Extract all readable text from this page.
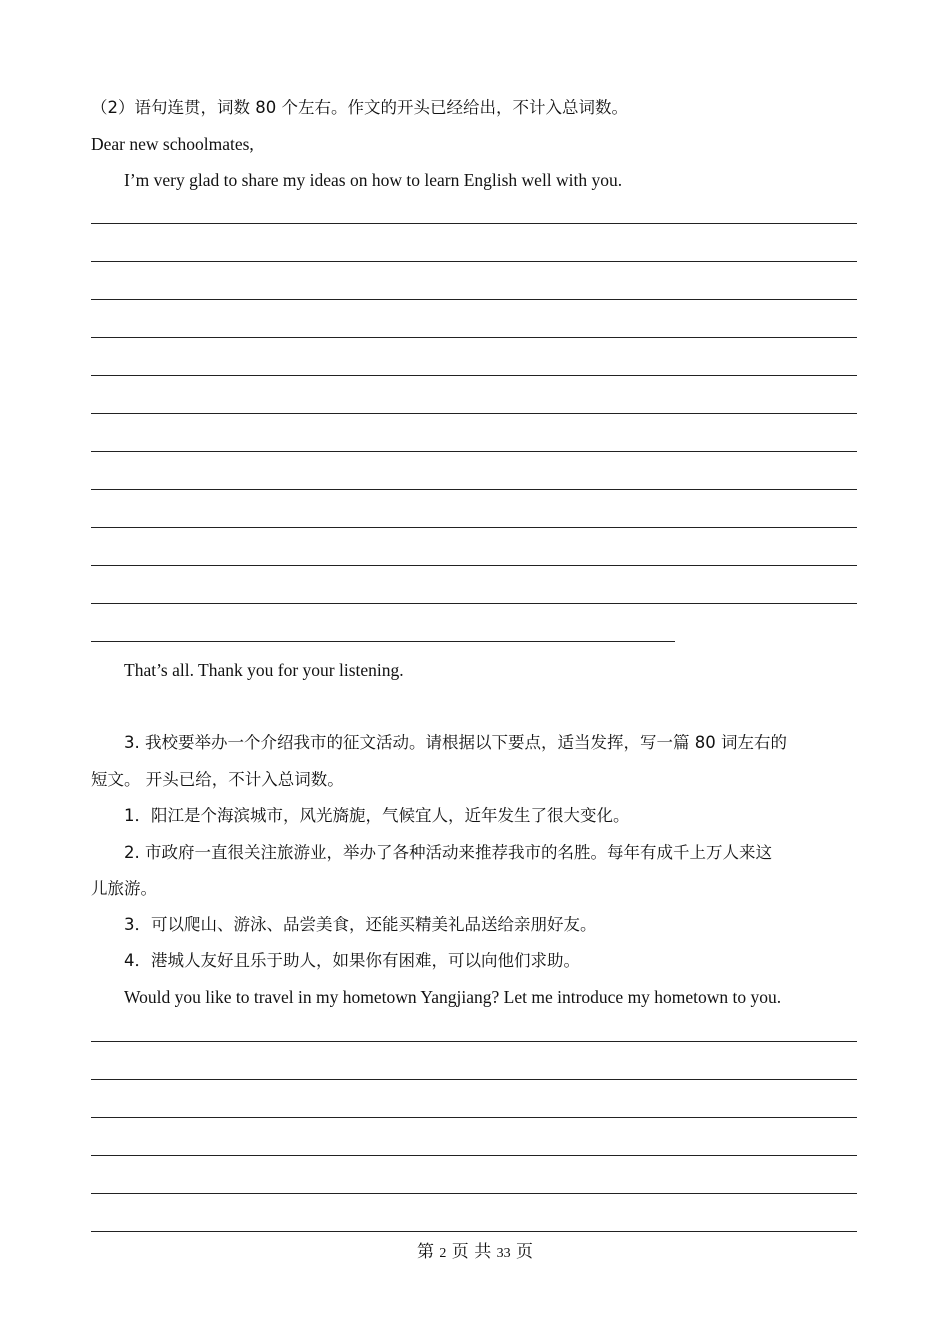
（2）语句连贯，词数 80 个左右。作文的开头已经给出，不计入总词数。
Dear new schoolmates,
I’m very glad to share my ideas on how to learn English well with you.
That’s all. Thank you for your listening.
3. 我校要举办一个介绍我市的征文活动。请根据以下要点，适当发挥，写一篇 80 词左右的
短文。 开头已给，不计入总词数。
1．阳江是个海滨城市，风光旖旎，气候宜人，近年发生了很大变化。
2. 市政府一直很关注旅游业，举办了各种活动来推荐我市的名胜。每年有成千上万人来这
儿旅游。
3．可以爬山、游泳、品尝美食，还能买精美礼品送给亲朋好友。
4．港城人友好且乐于助人，如果你有困难，可以向他们求助。
Would you like to travel in my hometown Yangjiang? Let me introduce my hometown to you.
第 2 页 共 33 页
